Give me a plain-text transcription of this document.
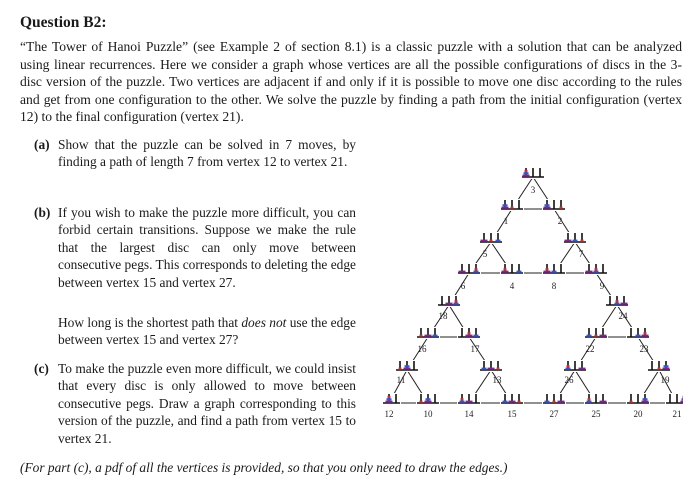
Question B2:

“The Tower of Hanoi Puzzle” (see Example 2 of section 8.1) is a classic puzzle with a solution that can be analyzed using linear recurrences. Here we consider a graph whose vertices are all the possible configurations of discs in the 3-disc version of the puzzle. Two vertices are adjacent if and only if it is possible to move one disc according to the rules and get from one configuration to the other. We solve the puzzle by finding a path from the initial configuration (vertex 12) to the final configuration (vertex 21).

(a) Show that the puzzle can be solved in 7 moves, by finding a path of length 7 from vertex 12 to vertex 21.
(b) If you wish to make the puzzle more difficult, you can forbid certain transitions. Suppose we make the rule that the largest disc can only move between consecutive pegs. This corresponds to deleting the edge between vertex 15 and vertex 27.
How long is the shortest path that does not use the edge between vertex 15 and vertex 27?
(c) To make the puzzle even more difficult, we could insist that every disc is only allowed to move between consecutive pegs. Draw a graph corresponding to this version of the puzzle, and find a path from vertex 15 to vertex 21.
(For part (c), a pdf of all the vertices is provided, so that you only need to draw the edges.)
3
1	2
5	7
6	4	8	9
18	24
16	17	22	23
11	13	26	19
12	10	14	15	27	25	20	21
